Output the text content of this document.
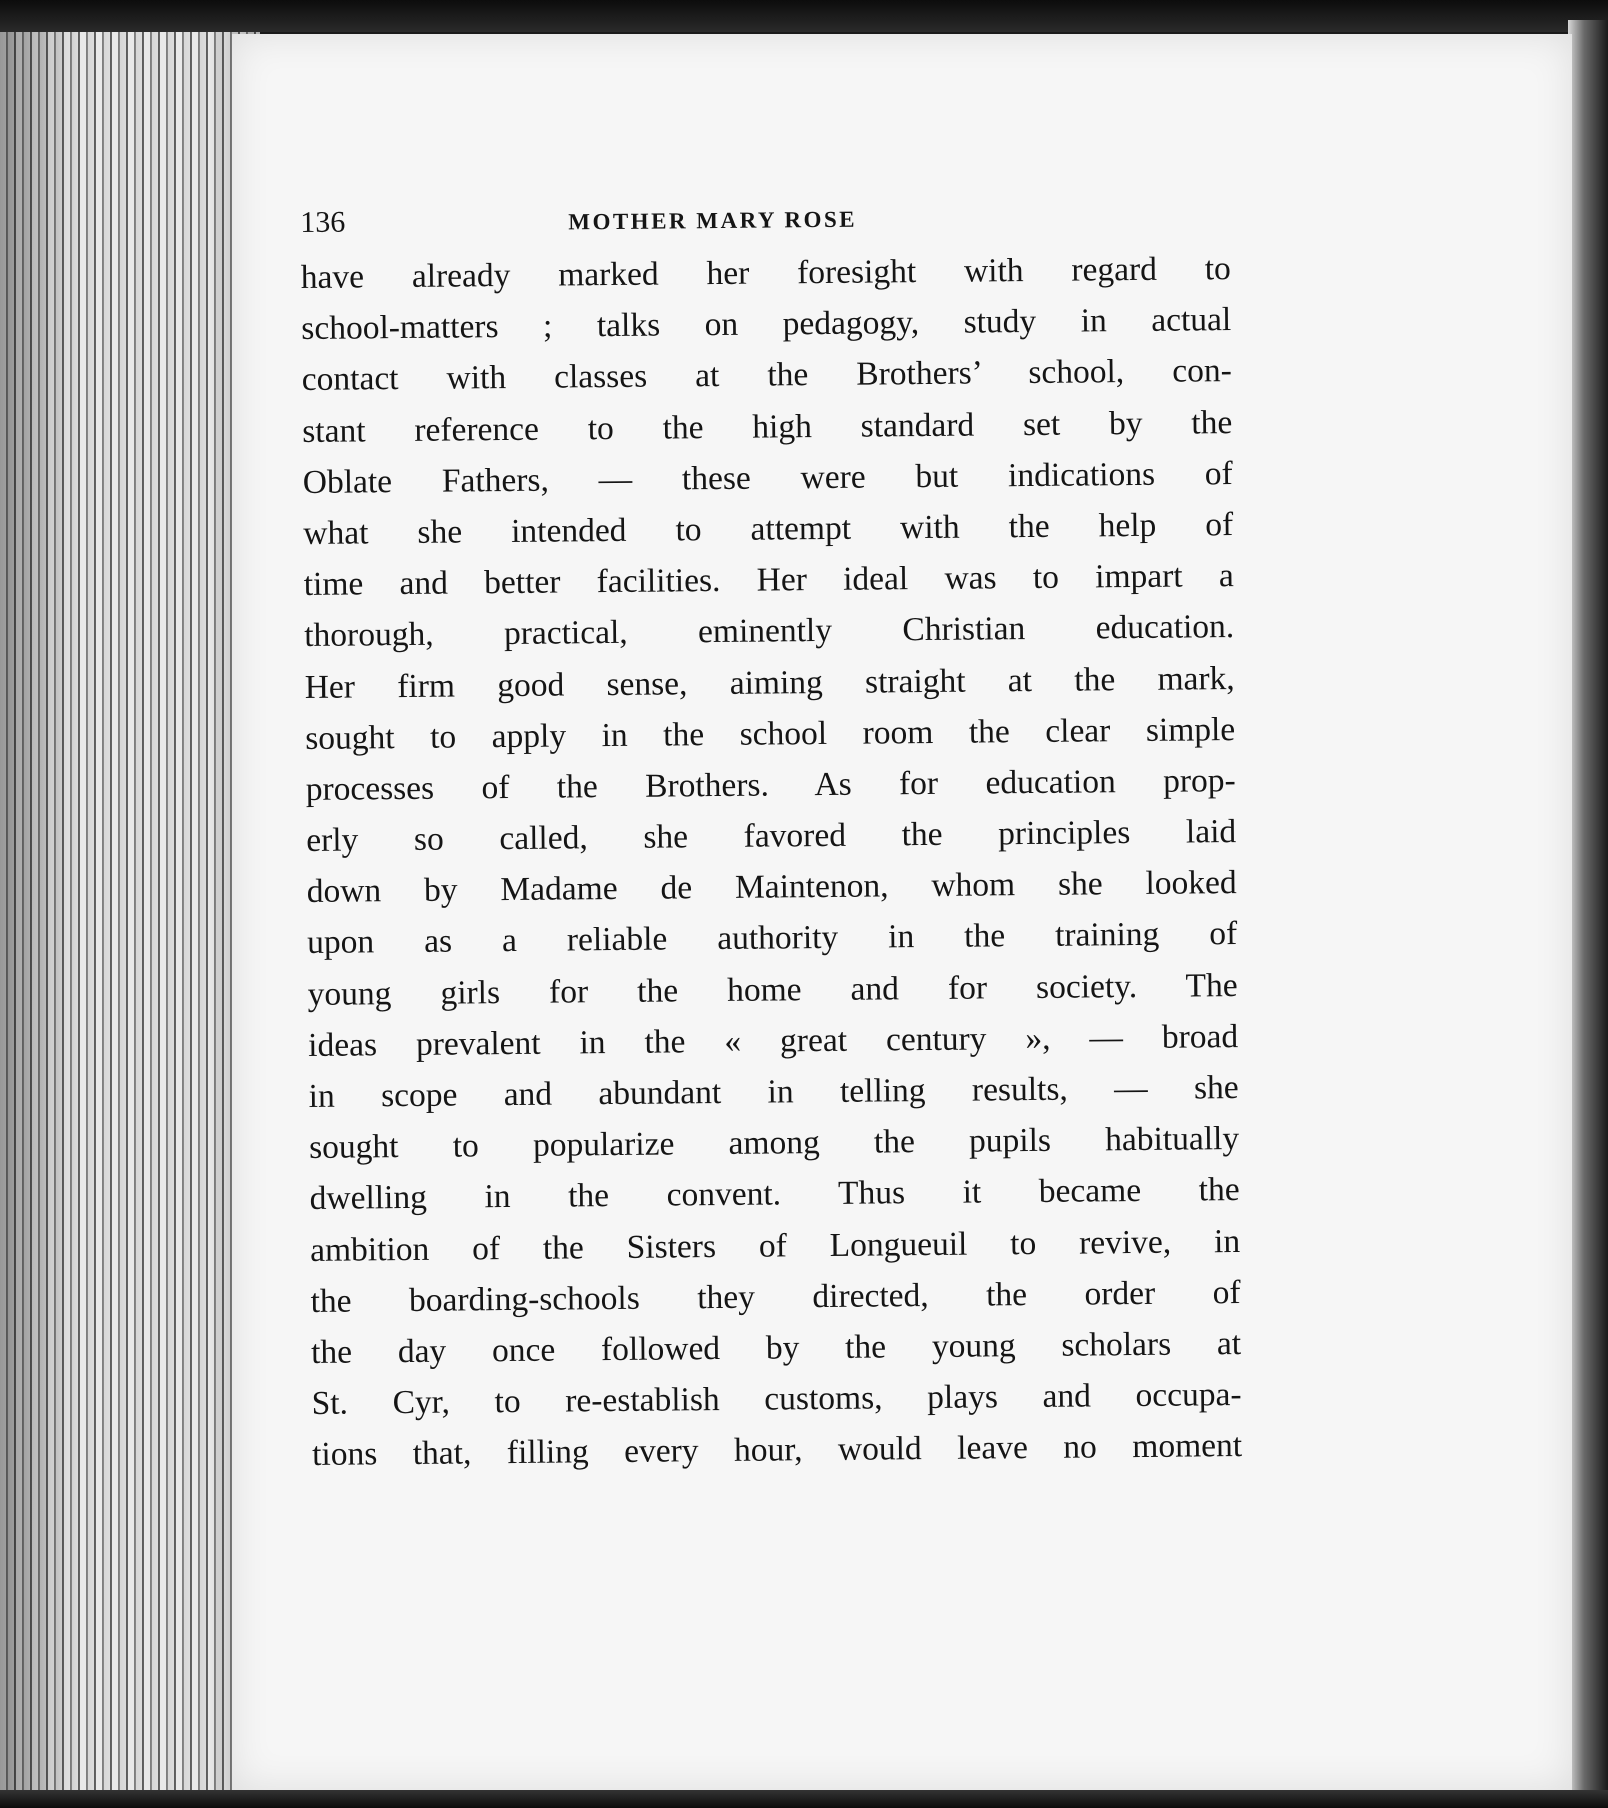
136	MOTHER MARY ROSE
have already marked her foresight with regard to
school-matters ; talks on pedagogy, study in actual
contact with classes at the Brothers’ school, con-
stant reference to the high standard set by the
Oblate Fathers, — these were but indications of
what she intended to attempt with the help of
time and better facilities. Her ideal was to impart a
thorough, practical, eminently Christian education.
Her firm good sense, aiming straight at the mark,
sought to apply in the school room the clear simple
processes of the Brothers. As for education prop-
erly so called, she favored the principles laid
down by Madame de Maintenon, whom she looked
upon as a reliable authority in the training of
young girls for the home and for society. The
ideas prevalent in the « great century », — broad
in scope and abundant in telling results, — she
sought to popularize among the pupils habitually
dwelling in the convent. Thus it became the
ambition of the Sisters of Longueuil to revive, in
the boarding-schools they directed, the order of
the day once followed by the young scholars at
St. Cyr, to re-establish customs, plays and occupa-
tions that, filling every hour, would leave no moment
